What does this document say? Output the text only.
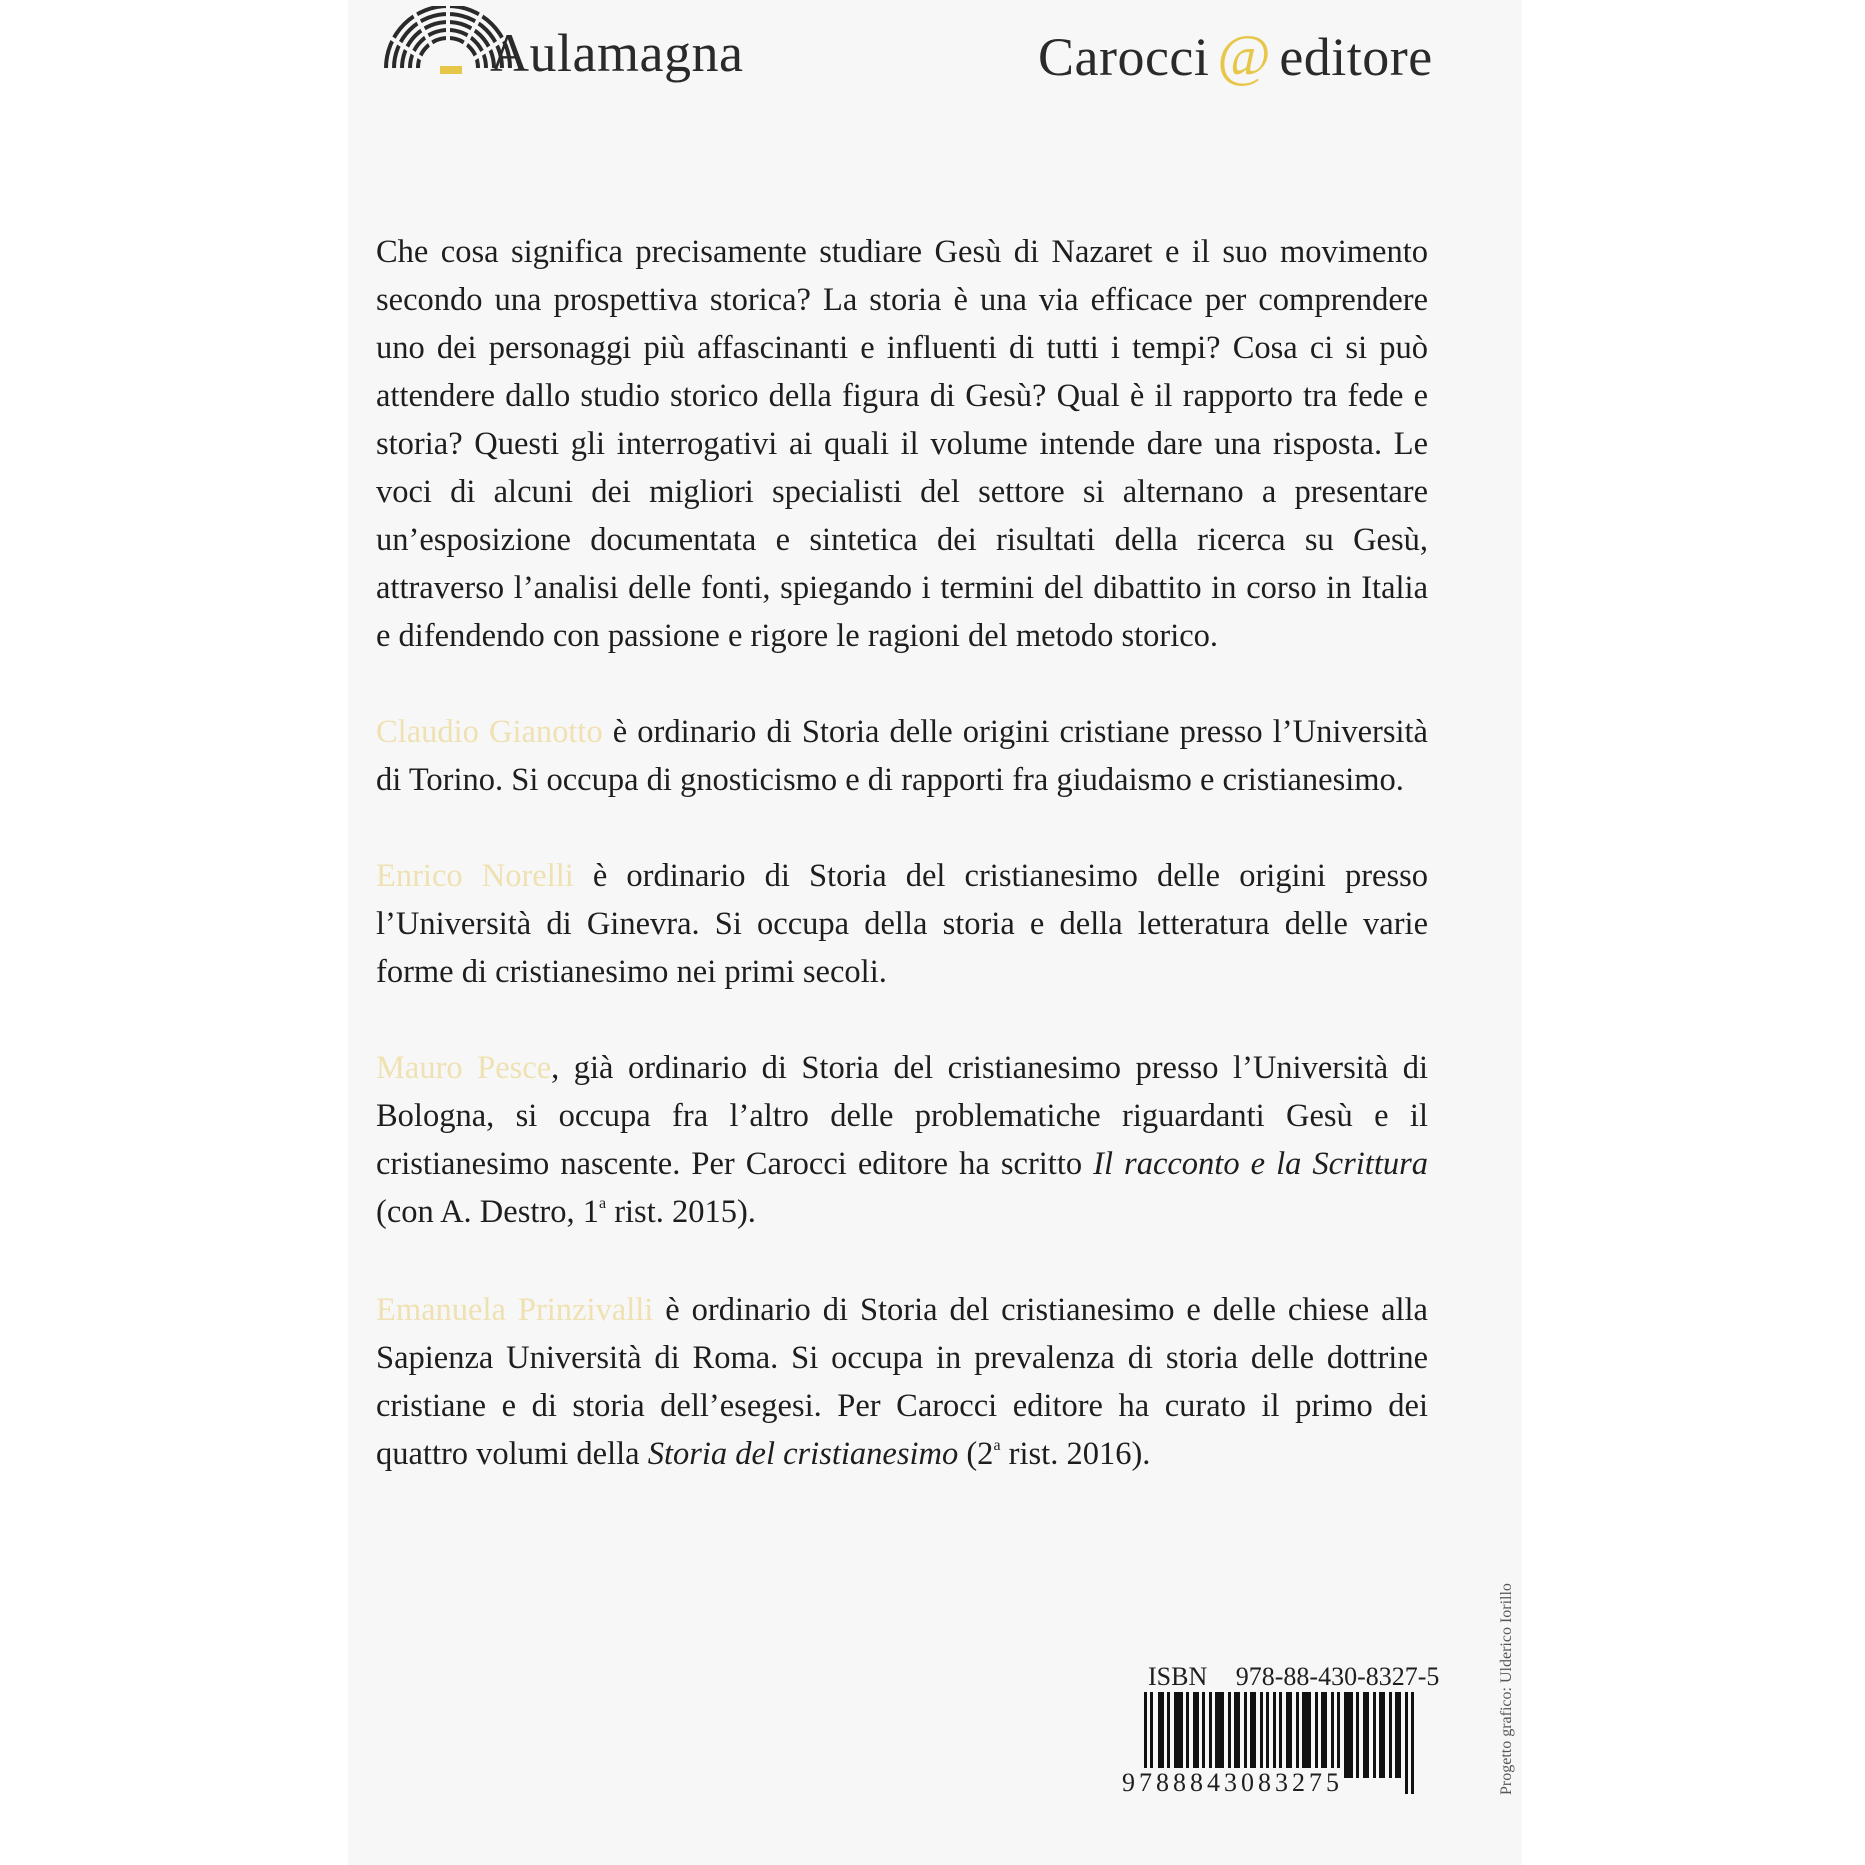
Aulamagna	Carocci @ editore
Che cosa significa precisamente studiare Gesù di Nazaret e il suo movimento secondo una prospettiva storica? La storia è una via efficace per comprendere uno dei personaggi più affascinanti e influenti di tutti i tempi? Cosa ci si può attendere dallo studio storico della figura di Gesù? Qual è il rapporto tra fede e storia? Questi gli interrogativi ai quali il volume intende dare una risposta. Le voci di alcuni dei migliori specialisti del settore si alternano a presentare un’esposizione documentata e sintetica dei risultati della ricerca su Gesù, attraverso l’analisi delle fonti, spiegando i termini del dibattito in corso in Italia e difendendo con passione e rigore le ragioni del metodo storico.
Claudio Gianotto è ordinario di Storia delle origini cristiane presso l’Università di Torino. Si occupa di gnosticismo e di rapporti fra giudaismo e cristianesimo.
Enrico Norelli è ordinario di Storia del cristianesimo delle origini presso l’Università di Ginevra. Si occupa della storia e della letteratura delle varie forme di cristianesimo nei primi secoli.
Mauro Pesce, già ordinario di Storia del cristianesimo presso l’Università di Bologna, si occupa fra l’altro delle problematiche riguardanti Gesù e il cristianesimo nascente. Per Carocci editore ha scritto Il racconto e la Scrittura (con A. Destro, 1$^a$ rist. 2015).
Emanuela Prinzivalli è ordinario di Storia del cristianesimo e delle chiese alla Sapienza Università di Roma. Si occupa in prevalenza di storia delle dottrine cristiane e di storia dell’esegesi. Per Carocci editore ha curato il primo dei quattro volumi della Storia del cristianesimo (2$^a$ rist. 2016).
ISBN 978-88-430-8327-5
9788843083275	Progetto grafico: Ulderico Iorillo
